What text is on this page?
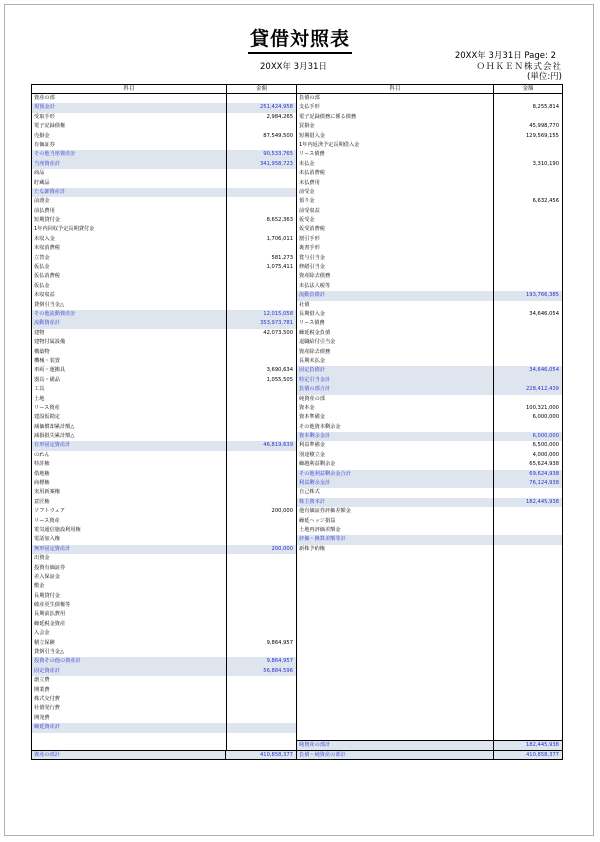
貸借対照表
20XX年 3月31日 Page: 2
20XX年 3月31日	ＯＨＫＥＮ株式会社
(単位:円)
科目	金額	科目	金額
資産の部
現預金計	251,424,958
受取手形	2,984,265
電子記録債権
売掛金	87,549,500
有価証券
その他当座資産計	90,533,765
当座資産計	341,958,723
商品
貯蔵品
たな卸資産計
前渡金
前払費用
短期貸付金	8,652,363
1年内回収予定長期貸付金
未収入金	1,706,011
未収消費税
立替金	581,273
仮払金	1,075,411
仮払消費税
仮払金
未収収益
貸倒引当金△
その他流動資産計	12,015,058
流動資産計	353,973,781
建物	42,073,500
建物付属設備
構築物
機械・装置
車両・運搬具	3,690,634
器具・備品	1,055,505
工具
土地
リース資産
建設仮勘定
減価償却累計額△
減損損失累計額△
有形固定資産計	46,819,639
のれん
特許権
借地権
商標権
実用新案権
意匠権
ソフトウェア	200,000
リース資産
電気通信施設利用権
電話加入権
無形固定資産計	200,000
出資金
投資有価証券
差入保証金
敷金
長期貸付金
破産更生債権等
長期前払費用
繰延税金資産
入会金
積立保険	9,864,957
貸倒引当金△
投資その他の資産計	9,864,957
固定資産計	56,884,596
創立費
開業費
株式交付費
社債発行費
開発費
繰延資産計
資産の部計	410,858,377
負債の部
支払手形	8,255,814
電子記録債務に係る債務
買掛金	45,998,770
短期借入金	129,569,155
1年内返済予定長期借入金
リース債務
未払金	3,310,190
未払消費税
未払費用
前受金
預り金	6,632,456
前受収益
仮受金
仮受消費税
割引手形
裏書手形
賞与引当金
修繕引当金
資産除去債務
未払法人税等
流動負債計	193,766,385
社債
長期借入金	34,646,054
リース債務
繰延税金負債
退職給付引当金
資産除去債務
長期未払金
固定負債計	34,646,054
特定引当金計
負債の部合計	228,412,439
純資産の部
資本金	100,321,000
資本準備金	6,000,000
その他資本剰余金
資本剰余金計	6,000,000
利益準備金	6,500,000
別途積立金	4,000,000
繰越利益剰余金	65,624,938
その他利益剰余金合計	69,624,938
利益剰余金計	76,124,938
自己株式
株主資本計	182,445,938
他有価証券評価差額金
繰延ヘッジ損益
土地再評価差額金
評価・換算差額等計
新株予約権
純資産の部計	182,445,938
負債・純資産の部計	410,858,377
